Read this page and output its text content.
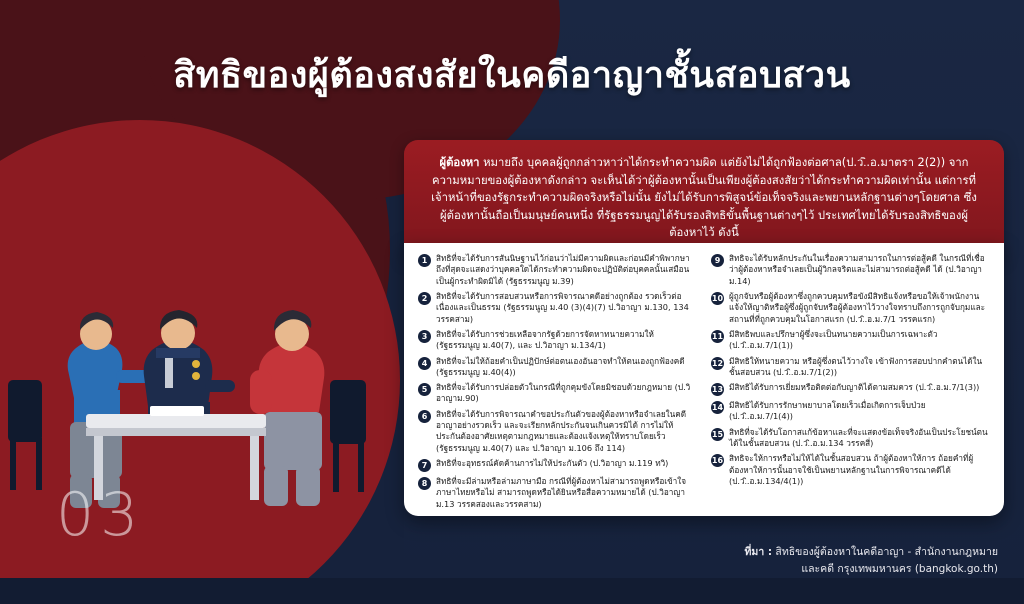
สิทธิของผู้ต้องสงสัยในคดีอาญาชั้นสอบสวน
03
ผู้ต้องหา หมายถึง บุคคลผู้ถูกกล่าวหาว่าได้กระทำความผิด แต่ยังไม่ได้ถูกฟ้องต่อศาล(ป.ว.ิ.อ.มาตรา 2(2)) จากความหมายของผู้ต้องหาดังกล่าว จะเห็นได้ว่าผู้ต้องหานั้นเป็นเพียงผู้ต้องสงสัยว่าได้กระทำความผิดเท่านั้น แต่การที่เจ้าหน้าที่ของรัฐกระทำความผิดจริงหรือไม่นั้น ยังไม่ได้รับการพิสูจน์ข้อเท็จจริงและพยานหลักฐานต่างๆโดยศาล ซึ่งผู้ต้องหานั้นถือเป็นมนุษย์คนหนึ่ง ที่รัฐธรรมนูญได้รับรองสิทธิขั้นพื้นฐานต่างๆไว้ ประเทศไทยได้รับรองสิทธิของผู้ต้องหาไว้ ดังนี้
1	สิทธิที่จะได้รับการสันนิษฐานไว้ก่อนว่าไม่มีความผิดและก่อนมีคำพิพากษาถึงที่สุดจะแสดงว่าบุคคลใดได้กระทำความผิดจะปฏิบัติต่อบุคคลนั้นเสมือนเป็นผู้กระทำผิดมิได้ (รัฐธรรมนูญ ม.39)
2	สิทธิที่จะได้รับการสอบสวนหรือการพิจารณาคดีอย่างถูกต้อง รวดเร็วต่อเนื่องและเป็นธรรม (รัฐธรรมนูญ ม.40 (3)(4)(7) ป.วิอาญา ม.130, 134 วรรคสาม)
3	สิทธิที่จะได้รับการช่วยเหลือจากรัฐด้วยการจัดหาทนายความให้ (รัฐธรรมนูญ ม.40(7), และ ป.วิอาญา ม.134/1)
4	สิทธิที่จะไม่ให้ถ้อยคำเป็นปฏิปักษ์ต่อตนเองอันอาจทำให้ตนเองถูกฟ้องคดี (รัฐธรรมนูญ ม.40(4))
5	สิทธิที่จะได้รับการปล่อยตัวในกรณีที่ถูกคุมขังโดยมิชอบด้วยกฎหมาย (ป.วิอาญาม.90)
6	สิทธิที่จะได้รับการพิจารณาคำขอประกันตัวของผู้ต้องหาหรือจำเลยในคดีอาญาอย่างรวดเร็ว และจะเรียกหลักประกันจนเกินควรมิได้ การไม่ให้ประกันต้องอาศัยเหตุตามกฎหมายและต้องแจ้งเหตุให้ทราบโดยเร็ว (รัฐธรรมนูญ ม.40(7) และ ป.วิอาญา ม.106 ถึง 114)
7	สิทธิที่จะอุทธรณ์คัดค้านการไม่ให้ประกันตัว (ป.วิอาญา ม.119 ทวิ)
8	สิทธิที่จะมีล่ามหรือล่ามภาษามือ กรณีที่ผู้ต้องหาไม่สามารถพูดหรือเข้าใจภาษาไทยหรือไม่ สามารถพูดหรือได้ยินหรือสื่อความหมายได้ (ป.วิอาญา ม.13 วรรคสองและวรรคสาม)
9	สิทธิจะได้รับหลักประกันในเรื่องความสามารถในการต่อสู้คดี ในกรณีที่เชื่อว่าผู้ต้องหาหรือจำเลยเป็นผู้วิกลจริตและไม่สามารถต่อสู้คดี ได้ (ป.วิอาญา ม.14)
10 ผู้ถูกจับหรือผู้ต้องหาซึ่งถูกควบคุมหรือขังมีสิทธิแจ้งหรือขอให้เจ้าพนักงานแจ้งให้ญาติหรือผู้ซึ่งผู้ถูกจับหรือผู้ต้องหาไว้วางใจทราบถึงการถูกจับกุมและสถานที่ที่ถูกควบคุมในโอกาสแรก (ป.ว.ิ.อ.ม.7/1 วรรคแรก)
11 มีสิทธิพบและปรึกษาผู้ซึ่งจะเป็นทนายความเป็นการเฉพาะตัว (ป.ว.ิ.อ.ม.7/1(1))
12 มีสิทธิให้ทนายความ หรือผู้ซึ่งตนไว้วางใจ เข้าฟังการสอบปากคำตนได้ในชั้นสอบสวน (ป.ว.ิ.อ.ม.7/1(2))
13 มีสิทธิได้รับการเยี่ยมหรือติดต่อกับญาติได้ตามสมควร (ป.ว.ิ.อ.ม.7/1(3))
14 มีสิทธิได้รับการรักษาพยาบาลโดยเร็วเมื่อเกิดการเจ็บป่วย (ป.ว.ิ.อ.ม.7/1(4))
15 สิทธิที่จะได้รับโอกาสแก้ข้อหาและที่จะแสดงข้อเท็จจริงอันเป็นประโยชน์ตนได้ในชั้นสอบสวน (ป.ว.ิ.อ.ม.134 วรรคสี่)
16 สิทธิจะให้การหรือไม่ให้ได้ในชั้นสอบสวน ถ้าผู้ต้องหาให้การ ถ้อยคำที่ผู้ต้องหาให้การนั้นอาจใช้เป็นพยานหลักฐานในการพิจารณาคดีได้ (ป.ว.ิ.อ.ม.134/4(1))
ที่มา : สิทธิของผู้ต้องหาในคดีอาญา - สำนักงานกฎหมาย
และคดี กรุงเทพมหานคร (bangkok.go.th)
